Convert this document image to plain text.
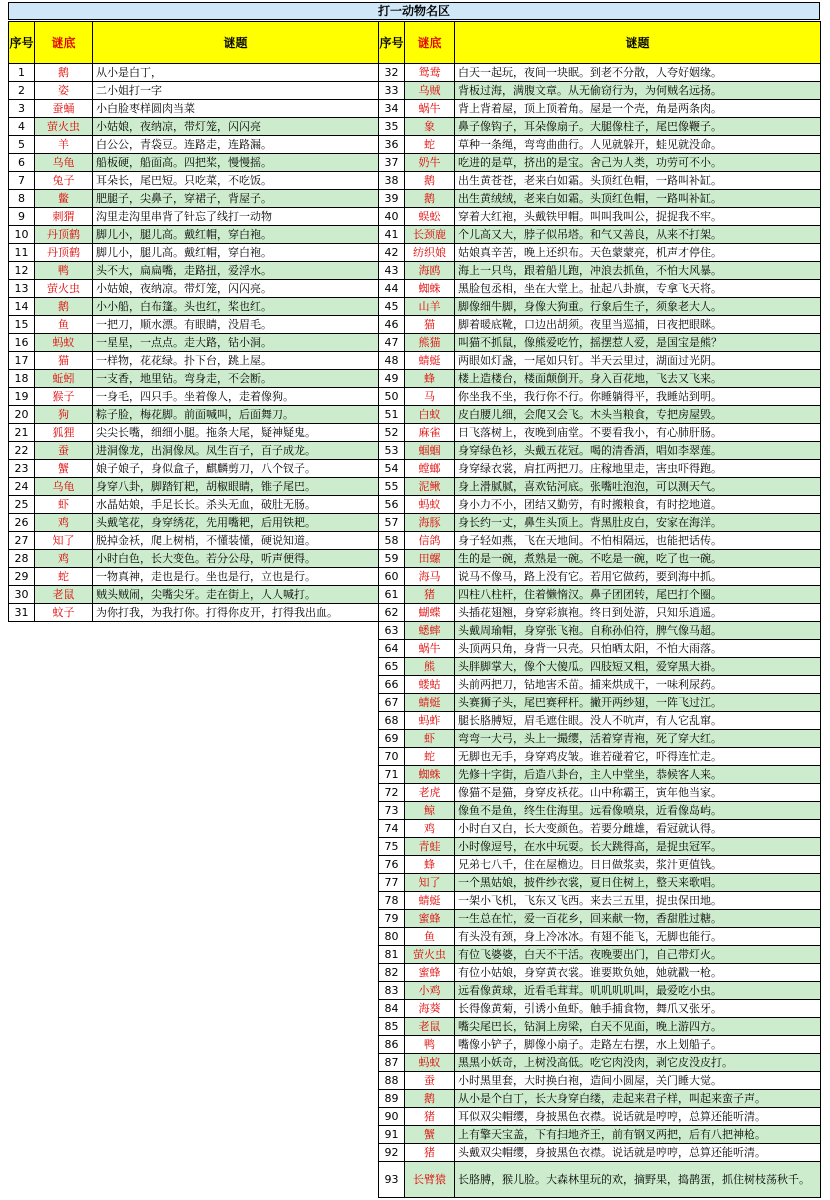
打一动物名区
序号	谜底	谜题
1	鹅	从小是白丁，
2	姿	二小姐打一字
3	蚕蛹	小白脸枣样圆肉当菜
4	萤火虫	小姑娘，夜纳凉，带灯笼，闪闪亮
5	羊	白公公，青袋豆。连路走，连路漏。
6	乌龟	船板硬，船面高。四把桨，慢慢摇。
7	兔子	耳朵长，尾巴短。只吃菜，不吃饭。
8	鳖	肥腿子，尖鼻子，穿裙子，背屋子。
9	刺猬	沟里走沟里串背了针忘了线打一动物
10	丹顶鹤	脚儿小，腿儿高。戴红帽，穿白袍。
11	丹顶鹤	脚儿小，腿儿高。戴红帽，穿白袍。
12	鸭	头不大，扁扁嘴，走路扭，爱浮水。
13	萤火虫	小姑娘，夜纳凉。带灯笼，闪闪亮。
14	鹅	小小船，白布篷。头也红，桨也红。
15	鱼	一把刀，顺水漂。有眼睛，没眉毛。
16	蚂蚁	一星星，一点点。走大路，钻小洞。
17	猫	一样物，花花绿。扑下台，跳上屋。
18	蚯蚓	一支香，地里钻。弯身走，不会断。
19	猴子	一身毛，四只手。坐着像人，走着像狗。
20	狗	粽子脸，梅花脚。前面喊叫，后面舞刀。
21	狐狸	尖尖长嘴，细细小腿。拖条大尾，疑神疑鬼。
22	蚕	进洞像龙，出洞像凤。凤生百子，百子成龙。
23	蟹	娘子娘子，身似盒子，麒麟剪刀，八个钗子。
24	乌龟	身穿八卦，脚踏钉耙，胡椒眼睛，锥子尾巴。
25	虾	水晶姑娘，手足长长。杀头无血，破肚无肠。
26	鸡	头戴笔花，身穿绣花，先用嘴耙，后用铁耙。
27	知了	脱掉金袄，爬上树梢，不懂装懂，硬说知道。
28	鸡	小时白色，长大变色。若分公母，听声便得。
29	蛇	一物真神，走也是行。坐也是行，立也是行。
30	老鼠	贼头贼闹，尖嘴尖牙。走在街上，人人喊打。
31	蚊子	为你打我，为我打你。打得你皮开，打得我出血。
序号	谜底	谜题
32	鸳鸯	白天一起玩，夜间一块眠。到老不分散，人夸好姻缘。
33	乌贼	背板过海，满腹文章。从无偷窃行为，为何贼名远扬。
34	蜗牛	背上背着屋，顶上顶着角。屋是一个壳，角是两条肉。
35	象	鼻子像钩子，耳朵像扇子。大腿像柱子，尾巴像鞭子。
36	蛇	草种一条绳，弯弯曲曲行。人见就躲开，蛙见就没命。
37	奶牛	吃进的是草，挤出的是宝。舍己为人类，功劳可不小。
38	鹅	出生黄苍苍，老来白如霜。头顶红色帽，一路叫补缸。
39	鹅	出生黄绒绒，老来白如霜。头顶红色帽，一路叫补缸。
40	蜈蚣	穿着大红袍，头戴铁甲帽。叫叫我叫公，捉捉我不牢。
41	长颈鹿	个儿高又大，脖子似吊塔。和气又善良，从来不打架。
42	纺织娘	姑娘真辛苦，晚上还织布。天色蒙蒙亮，机声才停住。
43	海鸥	海上一只鸟，跟着船儿跑，冲浪去抓鱼，不怕大风暴。
44	蜘蛛	黑脸包丞相，坐在大堂上。扯起八卦旗，专拿飞天将。
45	山羊	脚像细牛脚，身像大狗重。行象后生子，须象老大人。
46	猫	脚着暖底靴，口边出胡须。夜里当巡捕，日夜把眼眯。
47	熊猫	叫猫不抓鼠，像熊爱吃竹，摇摆惹人爱，是国宝是熊？
48	蜻蜓	两眼如灯盏，一尾如只钉。半天云里过，湖面过光阴。
49	蜂	楼上造楼台，楼面颠倒开。身入百花地，飞去又飞来。
50	马	你坐我不坐，我行你不行。你睡躺得平，我睡站到明。
51	白蚁	皮白腰儿细，会爬又会飞。木头当粮食，专把房屋毁。
52	麻雀	日飞落树上，夜晚到庙堂。不要看我小，有心肺肝肠。
53	蝈蝈	身穿绿色衫，头戴五花冠。喝的清香酒，唱如李翠莲。
54	螳螂	身穿绿衣裳，肩扛两把刀。庄稼地里走，害虫吓得跑。
55	泥鳅	身上滑腻腻，喜欢钻河底。张嘴吐泡泡，可以测天气。
56	蚂蚁	身小力不小，团结又勤劳，有时搬粮食，有时挖地道。
57	海豚	身长约一丈，鼻生头顶上。背黑肚皮白，安家在海洋。
58	信鸽	身子轻如燕，飞在天地间。不怕相隔远，也能把话传。
59	田螺	生的是一碗，煮熟是一碗。不吃是一碗，吃了也一碗。
60	海马	说马不像马，路上没有它。若用它做药，要到海中抓。
61	猪	四柱八柱杆，住着懒惰汉。鼻子团团转，尾巴打个圈。
62	蝴蝶	头插花翅翘，身穿彩旗袍。终日到处游，只知乐逍遥。
63	蟋蟀	头戴周瑜帽，身穿张飞袍。自称孙伯符，脾气像马超。
64	蜗牛	头顶两只角，身背一只壳。只怕晒太阳，不怕大雨落。
65	熊	头胖脚掌大，像个大傻瓜。四肢短又粗，爱穿黑大褂。
66	蝼蛄	头前两把刀，钻地害禾苗。捕来烘成干，一味利尿药。
67	蜻蜓	头赛狮子头，尾巴赛秤杆。撇开两纱翅，一阵飞过江。
68	蚂蚱	腿长胳膊短，眉毛遮住眼。没人不吭声，有人它乱窜。
69	虾	弯弯一大弓，头上一撮缨，活着穿青袍，死了穿大红。
70	蛇	无脚也无手，身穿鸡皮皱。谁若碰着它，吓得连忙走。
71	蜘蛛	先修十字街，后造八卦台，主人中堂坐，恭候客人来。
72	老虎	像猫不是猫，身穿皮袄花。山中称霸王，寅年他当家。
73	鲸	像鱼不是鱼，终生住海里。远看像喷泉，近看像岛屿。
74	鸡	小时白又白，长大变颜色。若要分雌雄，看冠就认得。
75	青蛙	小时像逗号，在水中玩耍。长大跳得高，是捉虫冠军。
76	蜂	兄弟七八千，住在屋檐边。日日做浆卖，浆汁更值钱。
77	知了	一个黑姑娘，披件纱衣裳，夏日住树上，整天来歌唱。
78	蜻蜓	一架小飞机，飞东又飞西。来去三五里，捉虫保田地。
79	蜜蜂	一生总在忙，爱一百花乡，回来献一物，香甜胜过糖。
80	鱼	有头没有颈，身上冷冰冰。有翅不能飞，无脚也能行。
81	萤火虫	有位飞婆婆，白天不干活。夜晚要出门，自己带灯火。
82	蜜蜂	有位小姑娘，身穿黄衣裳。谁要欺负她，她就戳一枪。
83	小鸡	远看像黄球，近看毛茸茸。叽叽叽叽叫，最爱吃小虫。
84	海葵	长得像黄菊，引诱小鱼虾。触手捕食物，舞爪又张牙。
85	老鼠	嘴尖尾巴长，钻洞上房梁，白天不见面，晚上游四方。
86	鸭	嘴像小铲子，脚像小扇子。走路左右摆，水上划船子。
87	蚂蚁	黑黑小妖奇，上树没高低。吃它肉没肉，剥它皮没皮打。
88	蚕	小时黑里套，大时换白袍，造间小圆屋，关门睡大觉。
89	鹅	从小是个白丁，长大身穿白缕，走起来君子样，叫起来蛮子声。
90	猪	耳似双尖帽缨，身披黑色衣襟。说话就是哼哼，总算还能听清。
91	蟹	上有擎天宝盖，下有扫地齐王，前有钢叉两把，后有八把神枪。
92	猪	头戴双尖帽缨，身披黑色衣襟。说话就是哼哼，总算还能听清。
93	长臂猿	长胳膊，猴儿脸。大森林里玩的欢，摘野果，捣鹊蛋，抓住树枝荡秋千。
